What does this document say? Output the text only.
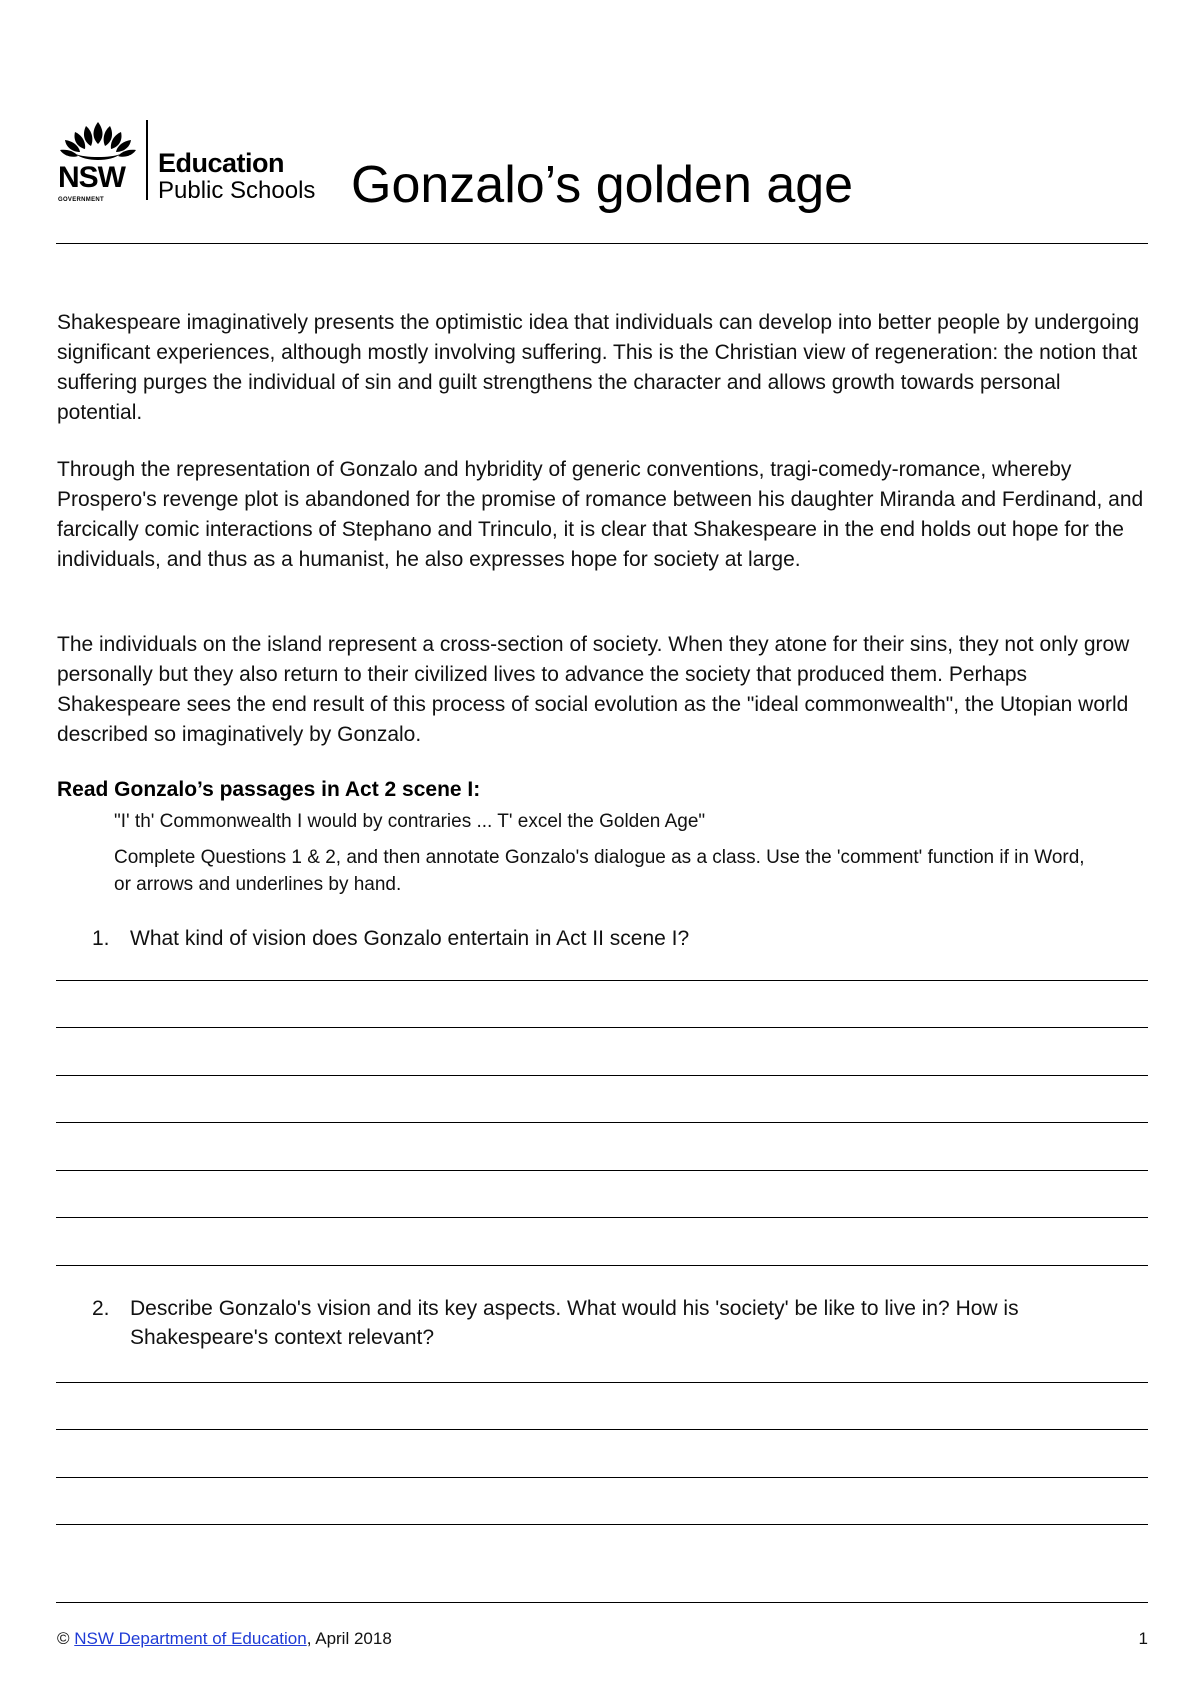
NSW
GOVERNMENT
Education
Public Schools Gonzalo’s golden age
Shakespeare imaginatively presents the optimistic idea that individuals can develop into better people by undergoing significant experiences, although mostly involving suffering. This is the Christian view of regeneration: the notion that suffering purges the individual of sin and guilt strengthens the character and allows growth towards personal potential.
Through the representation of Gonzalo and hybridity of generic conventions, tragi-comedy-romance, whereby Prospero's revenge plot is abandoned for the promise of romance between his daughter Miranda and Ferdinand, and farcically comic interactions of Stephano and Trinculo, it is clear that Shakespeare in the end holds out hope for the individuals, and thus as a humanist, he also expresses hope for society at large.
The individuals on the island represent a cross-section of society. When they atone for their sins, they not only grow personally but they also return to their civilized lives to advance the society that produced them. Perhaps Shakespeare sees the end result of this process of social evolution as the "ideal commonwealth", the Utopian world described so imaginatively by Gonzalo.
Read Gonzalo’s passages in Act 2 scene I:
"I' th' Commonwealth I would by contraries ... T' excel the Golden Age"
Complete Questions 1 & 2, and then annotate Gonzalo's dialogue as a class. Use the 'comment' function if in Word, or arrows and underlines by hand.
1. What kind of vision does Gonzalo entertain in Act II scene I?
2. Describe Gonzalo's vision and its key aspects. What would his 'society' be like to live in? How is Shakespeare's context relevant?
© NSW Department of Education, April 2018	1
